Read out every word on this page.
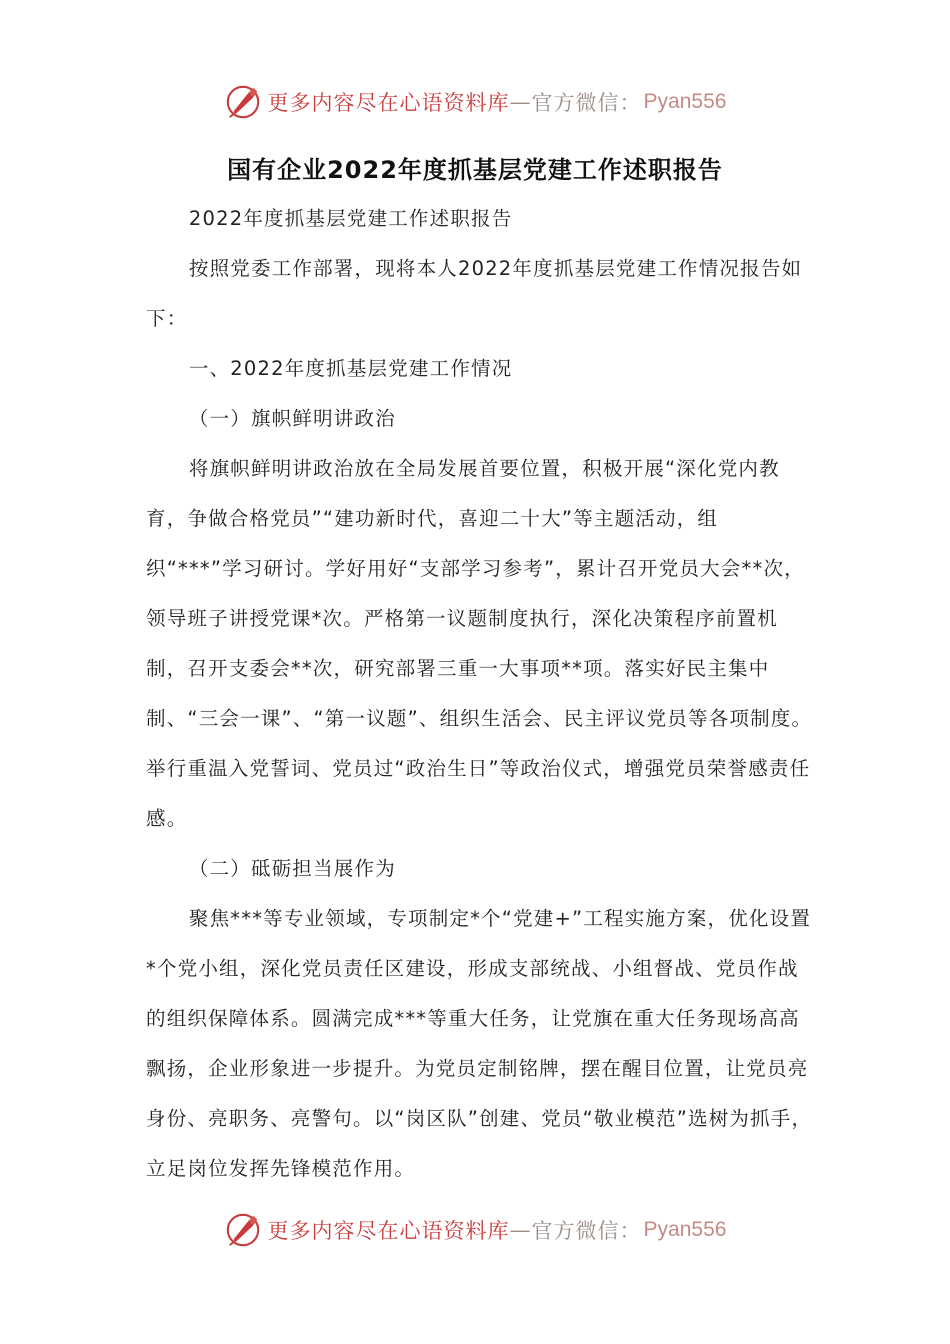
更多内容尽在心语资料库 — 官方微信： Pyan556
国有企业2022年度抓基层党建工作述职报告

2022年度抓基层党建工作述职报告

按照党委工作部署，现将本人2022年度抓基层党建工作情况报告如下：

一、2022年度抓基层党建工作情况

（一）旗帜鲜明讲政治

将旗帜鲜明讲政治放在全局发展首要位置，积极开展“深化党内教育，争做合格党员”“建功新时代，喜迎二十大”等主题活动，组织“***”学习研讨。学好用好“支部学习参考”，累计召开党员大会**次，领导班子讲授党课*次。严格第一议题制度执行，深化决策程序前置机制，召开支委会**次，研究部署三重一大事项**项。落实好民主集中制、“三会一课”、“第一议题”、组织生活会、民主评议党员等各项制度。举行重温入党誓词、党员过“政治生日”等政治仪式，增强党员荣誉感责任感。

（二）砥砺担当展作为

聚焦***等专业领域，专项制定*个“党建+”工程实施方案，优化设置*个党小组，深化党员责任区建设，形成支部统战、小组督战、党员作战的组织保障体系。圆满完成***等重大任务，让党旗在重大任务现场高高飘扬，企业形象进一步提升。为党员定制铭牌，摆在醒目位置，让党员亮身份、亮职务、亮警句。以“岗区队”创建、党员“敬业模范”选树为抓手，立足岗位发挥先锋模范作用。

更多内容尽在心语资料库 — 官方微信： Pyan556
